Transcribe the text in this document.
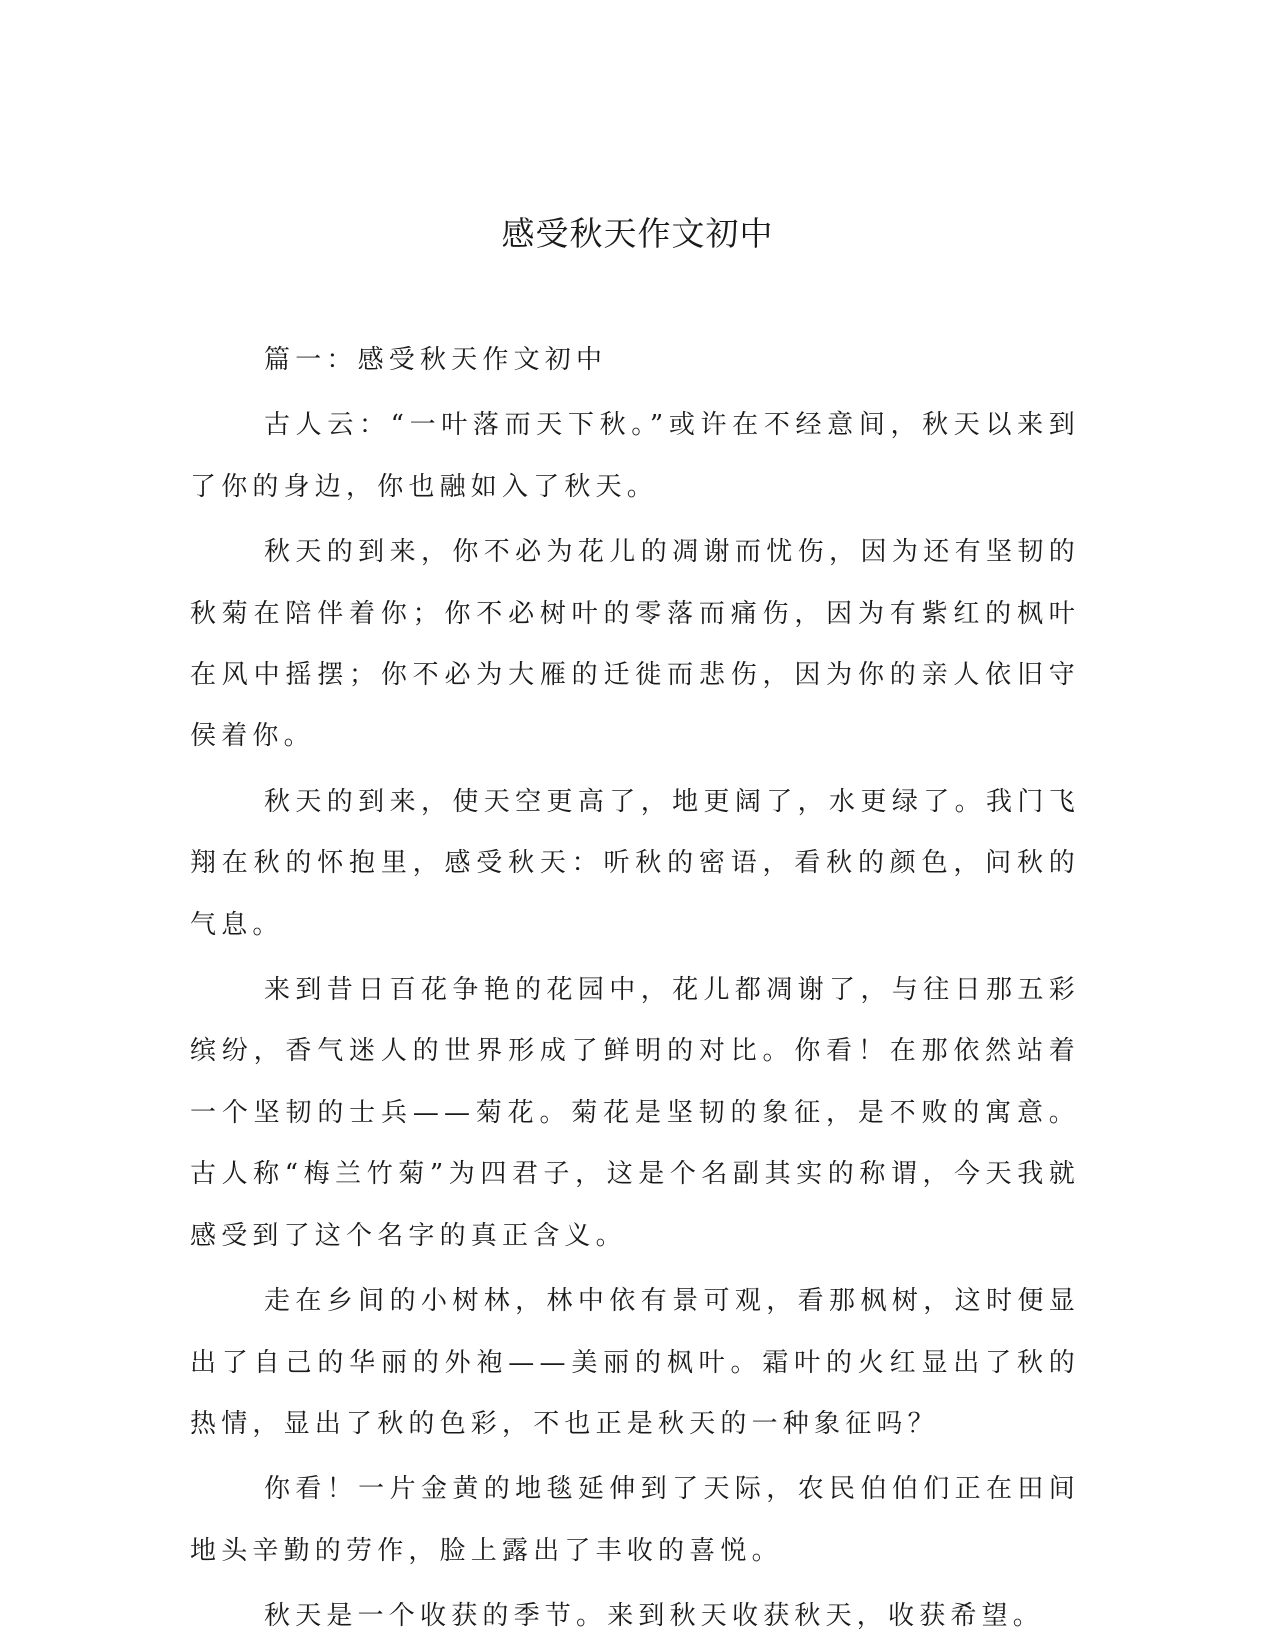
感受秋天作文初中

篇一：感受秋天作文初中

古人云：“一叶落而天下秋。”或许在不经意间，秋天以来到了你的身边，你也融如入了秋天。

秋天的到来，你不必为花儿的凋谢而忧伤，因为还有坚韧的秋菊在陪伴着你；你不必树叶的零落而痛伤，因为有紫红的枫叶在风中摇摆；你不必为大雁的迁徙而悲伤，因为你的亲人依旧守侯着你。

秋天的到来，使天空更高了，地更阔了，水更绿了。我门飞翔在秋的怀抱里，感受秋天：听秋的密语，看秋的颜色，问秋的气息。

来到昔日百花争艳的花园中，花儿都凋谢了，与往日那五彩缤纷，香气迷人的世界形成了鲜明的对比。你看！在那依然站着一个坚韧的士兵——菊花。菊花是坚韧的象征，是不败的寓意。古人称“梅兰竹菊”为四君子，这是个名副其实的称谓，今天我就感受到了这个名字的真正含义。

走在乡间的小树林，林中依有景可观，看那枫树，这时便显出了自己的华丽的外袍——美丽的枫叶。霜叶的火红显出了秋的热情，显出了秋的色彩，不也正是秋天的一种象征吗？

你看！一片金黄的地毯延伸到了天际，农民伯伯们正在田间地头辛勤的劳作，脸上露出了丰收的喜悦。

秋天是一个收获的季节。来到秋天收获秋天，收获希望。
